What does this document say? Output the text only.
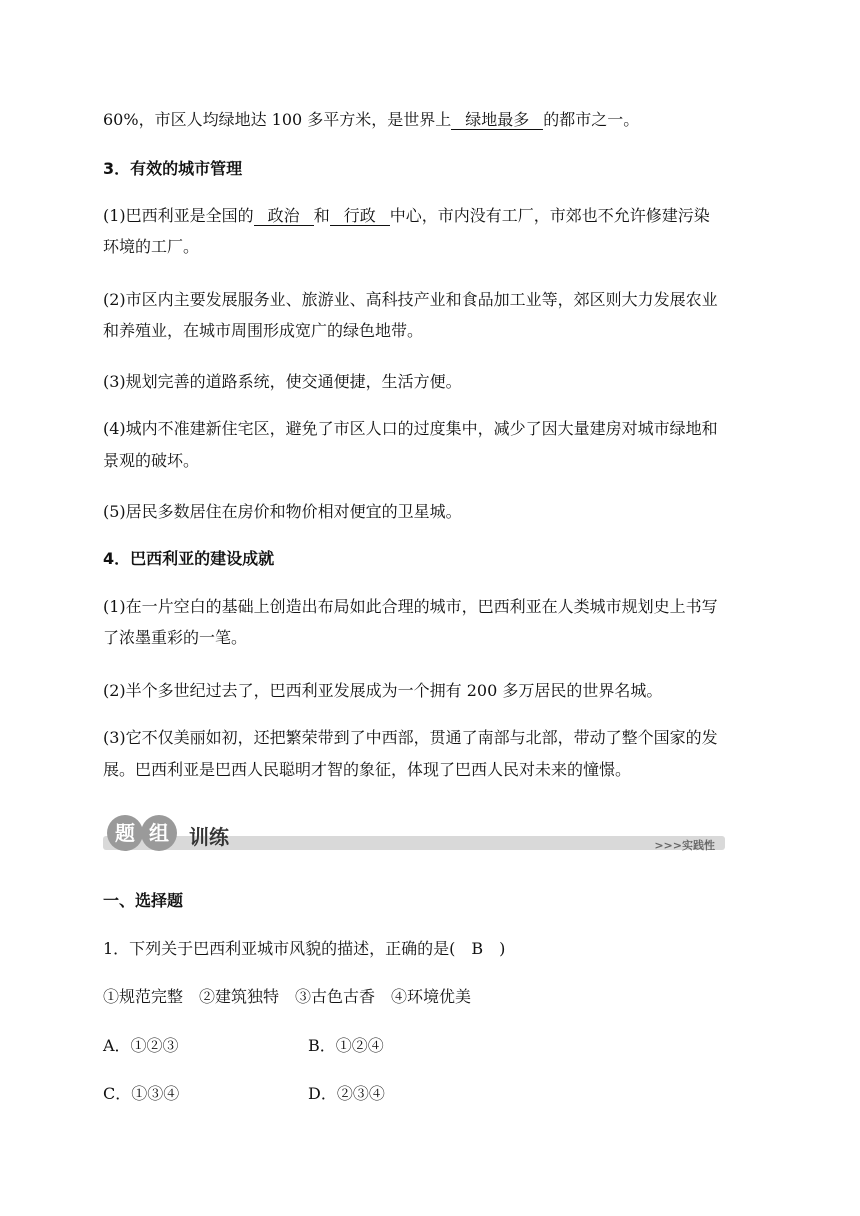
60%，市区人均绿地达 100 多平方米，是世界上 绿地最多 的都市之一。
3．有效的城市管理
(1)巴西利亚是全国的 政治 和 行政 中心，市内没有工厂，市郊也不允许修建污染
环境的工厂。
(2)市区内主要发展服务业、旅游业、高科技产业和食品加工业等，郊区则大力发展农业
和养殖业，在城市周围形成宽广的绿色地带。
(3)规划完善的道路系统，使交通便捷，生活方便。
(4)城内不准建新住宅区，避免了市区人口的过度集中，减少了因大量建房对城市绿地和
景观的破坏。
(5)居民多数居住在房价和物价相对便宜的卫星城。
4．巴西利亚的建设成就
(1)在一片空白的基础上创造出布局如此合理的城市，巴西利亚在人类城市规划史上书写
了浓墨重彩的一笔。
(2)半个多世纪过去了，巴西利亚发展成为一个拥有 200 多万居民的世界名城。
(3)它不仅美丽如初，还把繁荣带到了中西部，贯通了南部与北部，带动了整个国家的发
展。巴西利亚是巴西人民聪明才智的象征，体现了巴西人民对未来的憧憬。
一、选择题
1．下列关于巴西利亚城市风貌的描述，正确的是(　B　)
①规范完整　②建筑独特　③古色古香　④环境优美
A．①②③	B．①②④
C．①③④	D．②③④
题 组	训练	>>>实践性
